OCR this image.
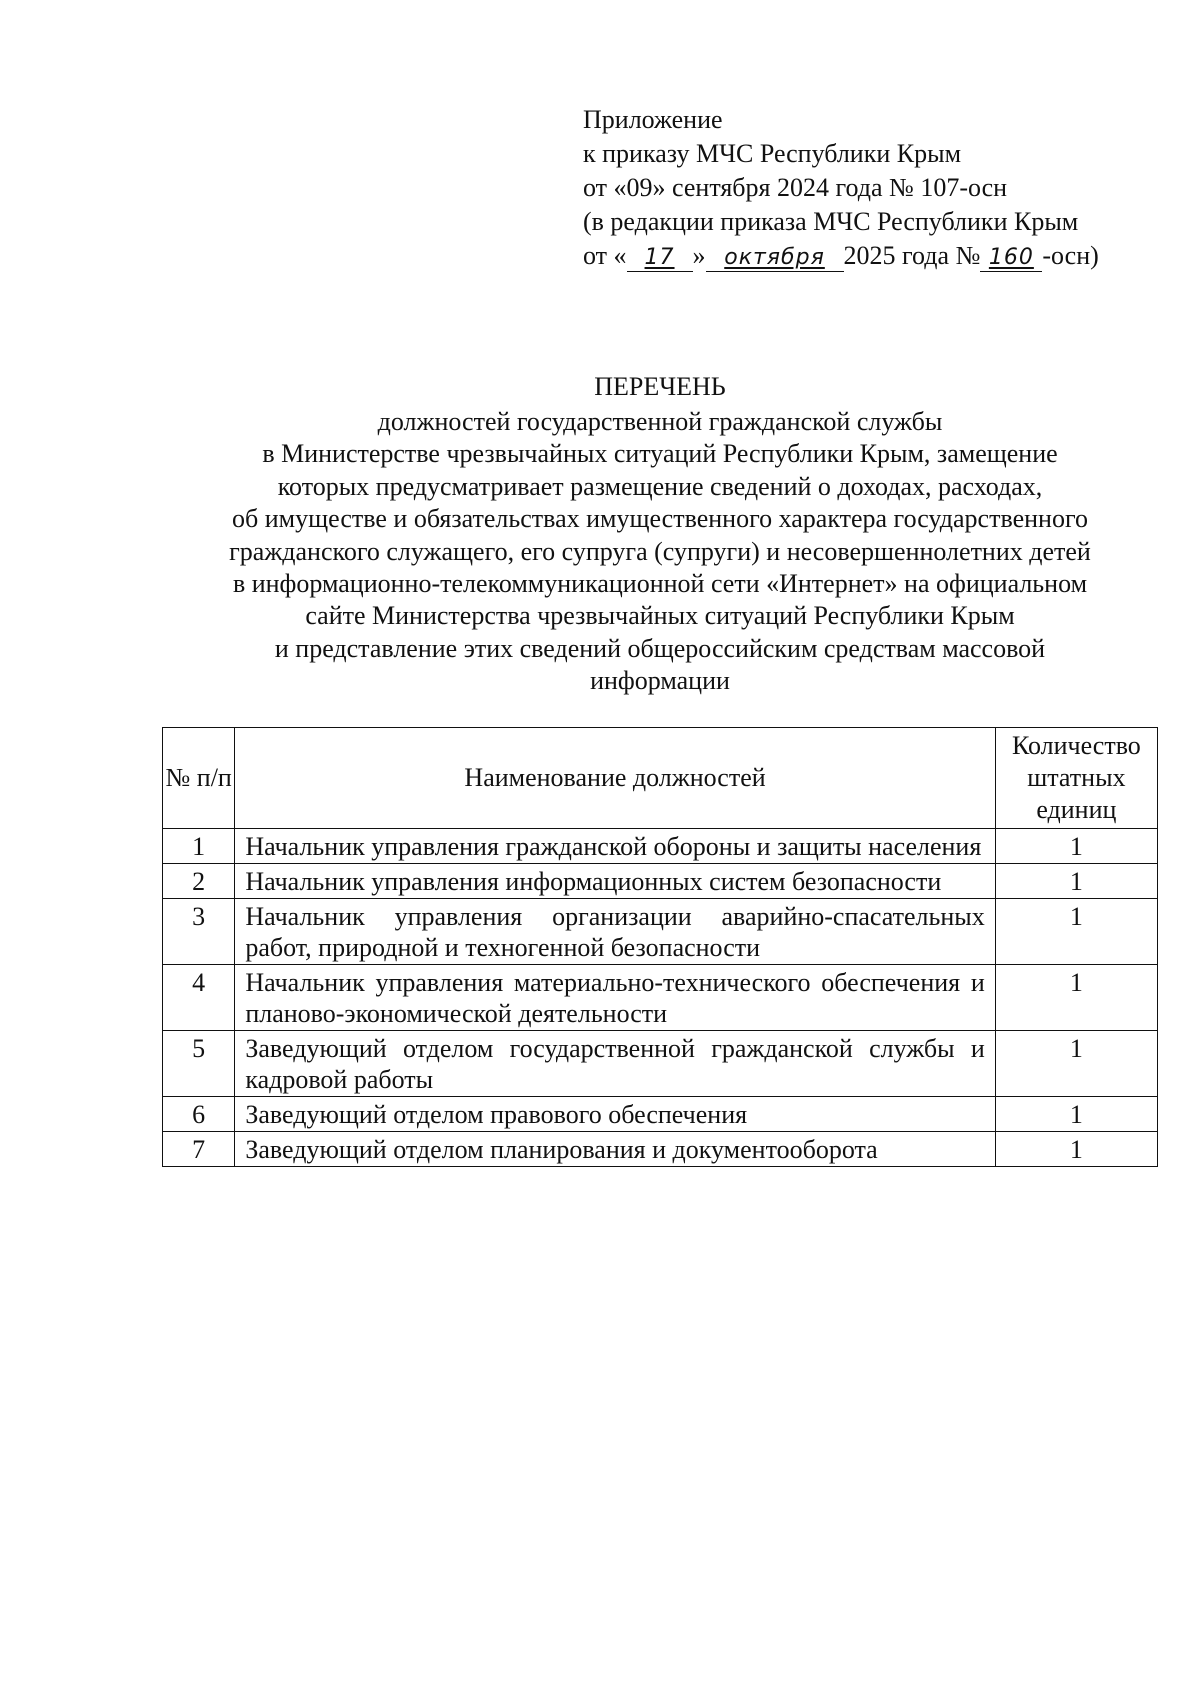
Приложение
к приказу МЧС Республики Крым
от «09» сентября 2024 года № 107-осн
(в редакции приказа МЧС Республики Крым
от « 17 » октября 2025 года № 160 -осн)
ПЕРЕЧЕНЬ
должностей государственной гражданской службы
в Министерстве чрезвычайных ситуаций Республики Крым, замещение
которых предусматривает размещение сведений о доходах, расходах,
об имуществе и обязательствах имущественного характера государственного
гражданского служащего, его супруга (супруги) и несовершеннолетних детей
в информационно-телекоммуникационной сети «Интернет» на официальном
сайте Министерства чрезвычайных ситуаций Республики Крым
и представление этих сведений общероссийским средствам массовой
информации
№ п/п	Наименование должностей	Количество штатных единиц
1	Начальник управления гражданской обороны и защиты населения	1
2	Начальник управления информационных систем безопасности	1
3	Начальник управления организации аварийно-спасательных работ, природной и техногенной безопасности	1
4	Начальник управления материально-технического обеспечения и планово-экономической деятельности	1
5	Заведующий отделом государственной гражданской службы и кадровой работы	1
6	Заведующий отделом правового обеспечения	1
7	Заведующий отделом планирования и документооборота	1
